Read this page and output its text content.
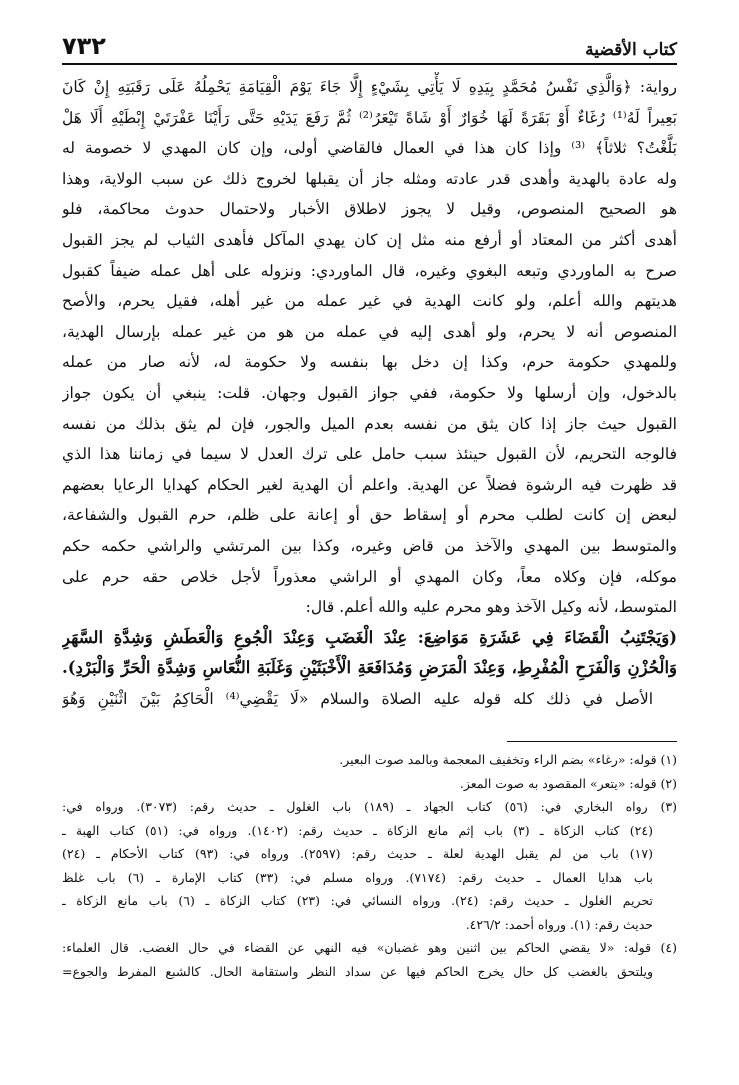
كتاب الأقضية
٧٣٢
رواية: ﴿وَالَّذِي نَفْسُ مُحَمَّدٍ بِيَدِهِ لَا يَأْتِي بِشَيْءٍ إِلَّا جَاءَ يَوْمَ الْقِيَامَةِ يَحْمِلُهُ عَلَى رَقَبَتِهِ إِنْ كَانَ
بَعِيراً لَهُ⁽¹⁾ رُغَاءٌ أَوْ بَقَرَةً لَهَا خُوَارٌ أَوْ شَاةً تَيْعَرُ⁽²⁾ ثُمَّ رَفَعَ يَدَيْهِ حَتَّى رَأَيْنَا عَفْرَتَيْ إِبْطَيْهِ أَلَا هَلْ
بَلَّغْتُ؟ ثلاثاً﴾ ⁽³⁾ وإذا كان هذا في العمال فالقاضي أولى، وإن كان المهدي لا خصومة له
وله عادة بالهدية وأهدى قدر عادته ومثله جاز أن يقبلها لخروج ذلك عن سبب الولاية، وهذا
هو الصحيح المنصوص، وقيل لا يجوز لاطلاق الأخبار ولاحتمال حدوث محاكمة، فلو
أهدى أكثر من المعتاد أو أرفع منه مثل إن كان يهدي المآكل فأهدى الثياب لم يجز القبول
صرح به الماوردي وتبعه البغوي وغيره، قال الماوردي: ونزوله على أهل عمله ضيفاً كقبول
هديتهم والله أعلم، ولو كانت الهدية في غير عمله من غير أهله، فقيل يحرم، والأصح
المنصوص أنه لا يحرم، ولو أهدى إليه في عمله من هو من غير عمله بإرسال الهدية،
وللمهدي حكومة حرم، وكذا إن دخل بها بنفسه ولا حكومة له، لأنه صار من عمله
بالدخول، وإن أرسلها ولا حكومة، ففي جواز القبول وجهان. قلت: ينبغي أن يكون جواز
القبول حيث جاز إذا كان يثق من نفسه بعدم الميل والجور، فإن لم يثق بذلك من نفسه
فالوجه التحريم، لأن القبول حينئذ سبب حامل على ترك العدل لا سيما في زماننا هذا الذي
قد ظهرت فيه الرشوة فضلاً عن الهدية. واعلم أن الهدية لغير الحكام كهدايا الرعايا بعضهم
لبعض إن كانت لطلب محرم أو إسقاط حق أو إعانة على ظلم، حرم القبول والشفاعة،
والمتوسط بين المهدي والآخذ من قاض وغيره، وكذا بين المرتشي والراشي حكمه حكم
موكله، فإن وكلاه معاً، وكان المهدي أو الراشي معذوراً لأجل خلاص حقه حرم على
المتوسط، لأنه وكيل الآخذ وهو محرم عليه والله أعلم. قال:
(وَيَجْتَنِبُ الْقَضَاءَ فِي عَشَرَةِ مَوَاضِعَ: عِنْدَ الْغَضَبِ وَعِنْدَ الْجُوعِ وَالْعَطَشِ وَشِدَّةِ السَّهَرِ
وَالْحُزْنِ وَالْفَرَحِ الْمُفْرِطِ، وَعِنْدَ الْمَرَضِ وَمُدَافَعَةِ الْأَخْبَثَيْنِ وَغَلَبَةِ النُّعَاسِ وَشِدَّةِ الْحَرِّ وَالْبَرْدِ).
الأصل في ذلك كله قوله عليه الصلاة والسلام «لَا يَقْضِي⁽⁴⁾ الْحَاكِمُ بَيْنَ اثْنَيْنِ وَهُوَ
(١) قوله: «رغاء» بضم الراء وتخفيف المعجمة وبالمد صوت البعير.
(٢) قوله: «يتعر» المقصود به صوت المعز.
(٣) رواه البخاري في: (٥٦) كتاب الجهاد ـ (١٨٩) باب الغلول ـ حديث رقم: (٣٠٧٣). ورواه في:
(٢٤) كتاب الزكاة ـ (٣) باب إثم مانع الزكاة ـ حديث رقم: (١٤٠٢). ورواه في: (٥١) كتاب الهبة ـ
(١٧) باب من لم يقبل الهدية لعلة ـ حديث رقم: (٢٥٩٧). ورواه في: (٩٣) كتاب الأحكام ـ (٢٤)
باب هدايا العمال ـ حديث رقم: (٧١٧٤). ورواه مسلم في: (٣٣) كتاب الإمارة ـ (٦) باب غلظ
تحريم الغلول ـ حديث رقم: (٢٤). ورواه النسائي في: (٢٣) كتاب الزكاة ـ (٦) باب مانع الزكاة ـ
حديث رقم: (١). ورواه أحمد: ٤٢٦/٢.
(٤) قوله: «لا يقضي الحاكم بين اثنين وهو غضبان» فيه النهي عن القضاء في حال الغضب. قال العلماء:
ويلتحق بالغضب كل حال يخرج الحاكم فيها عن سداد النظر واستقامة الحال. كالشبع المفرط والجوع=
